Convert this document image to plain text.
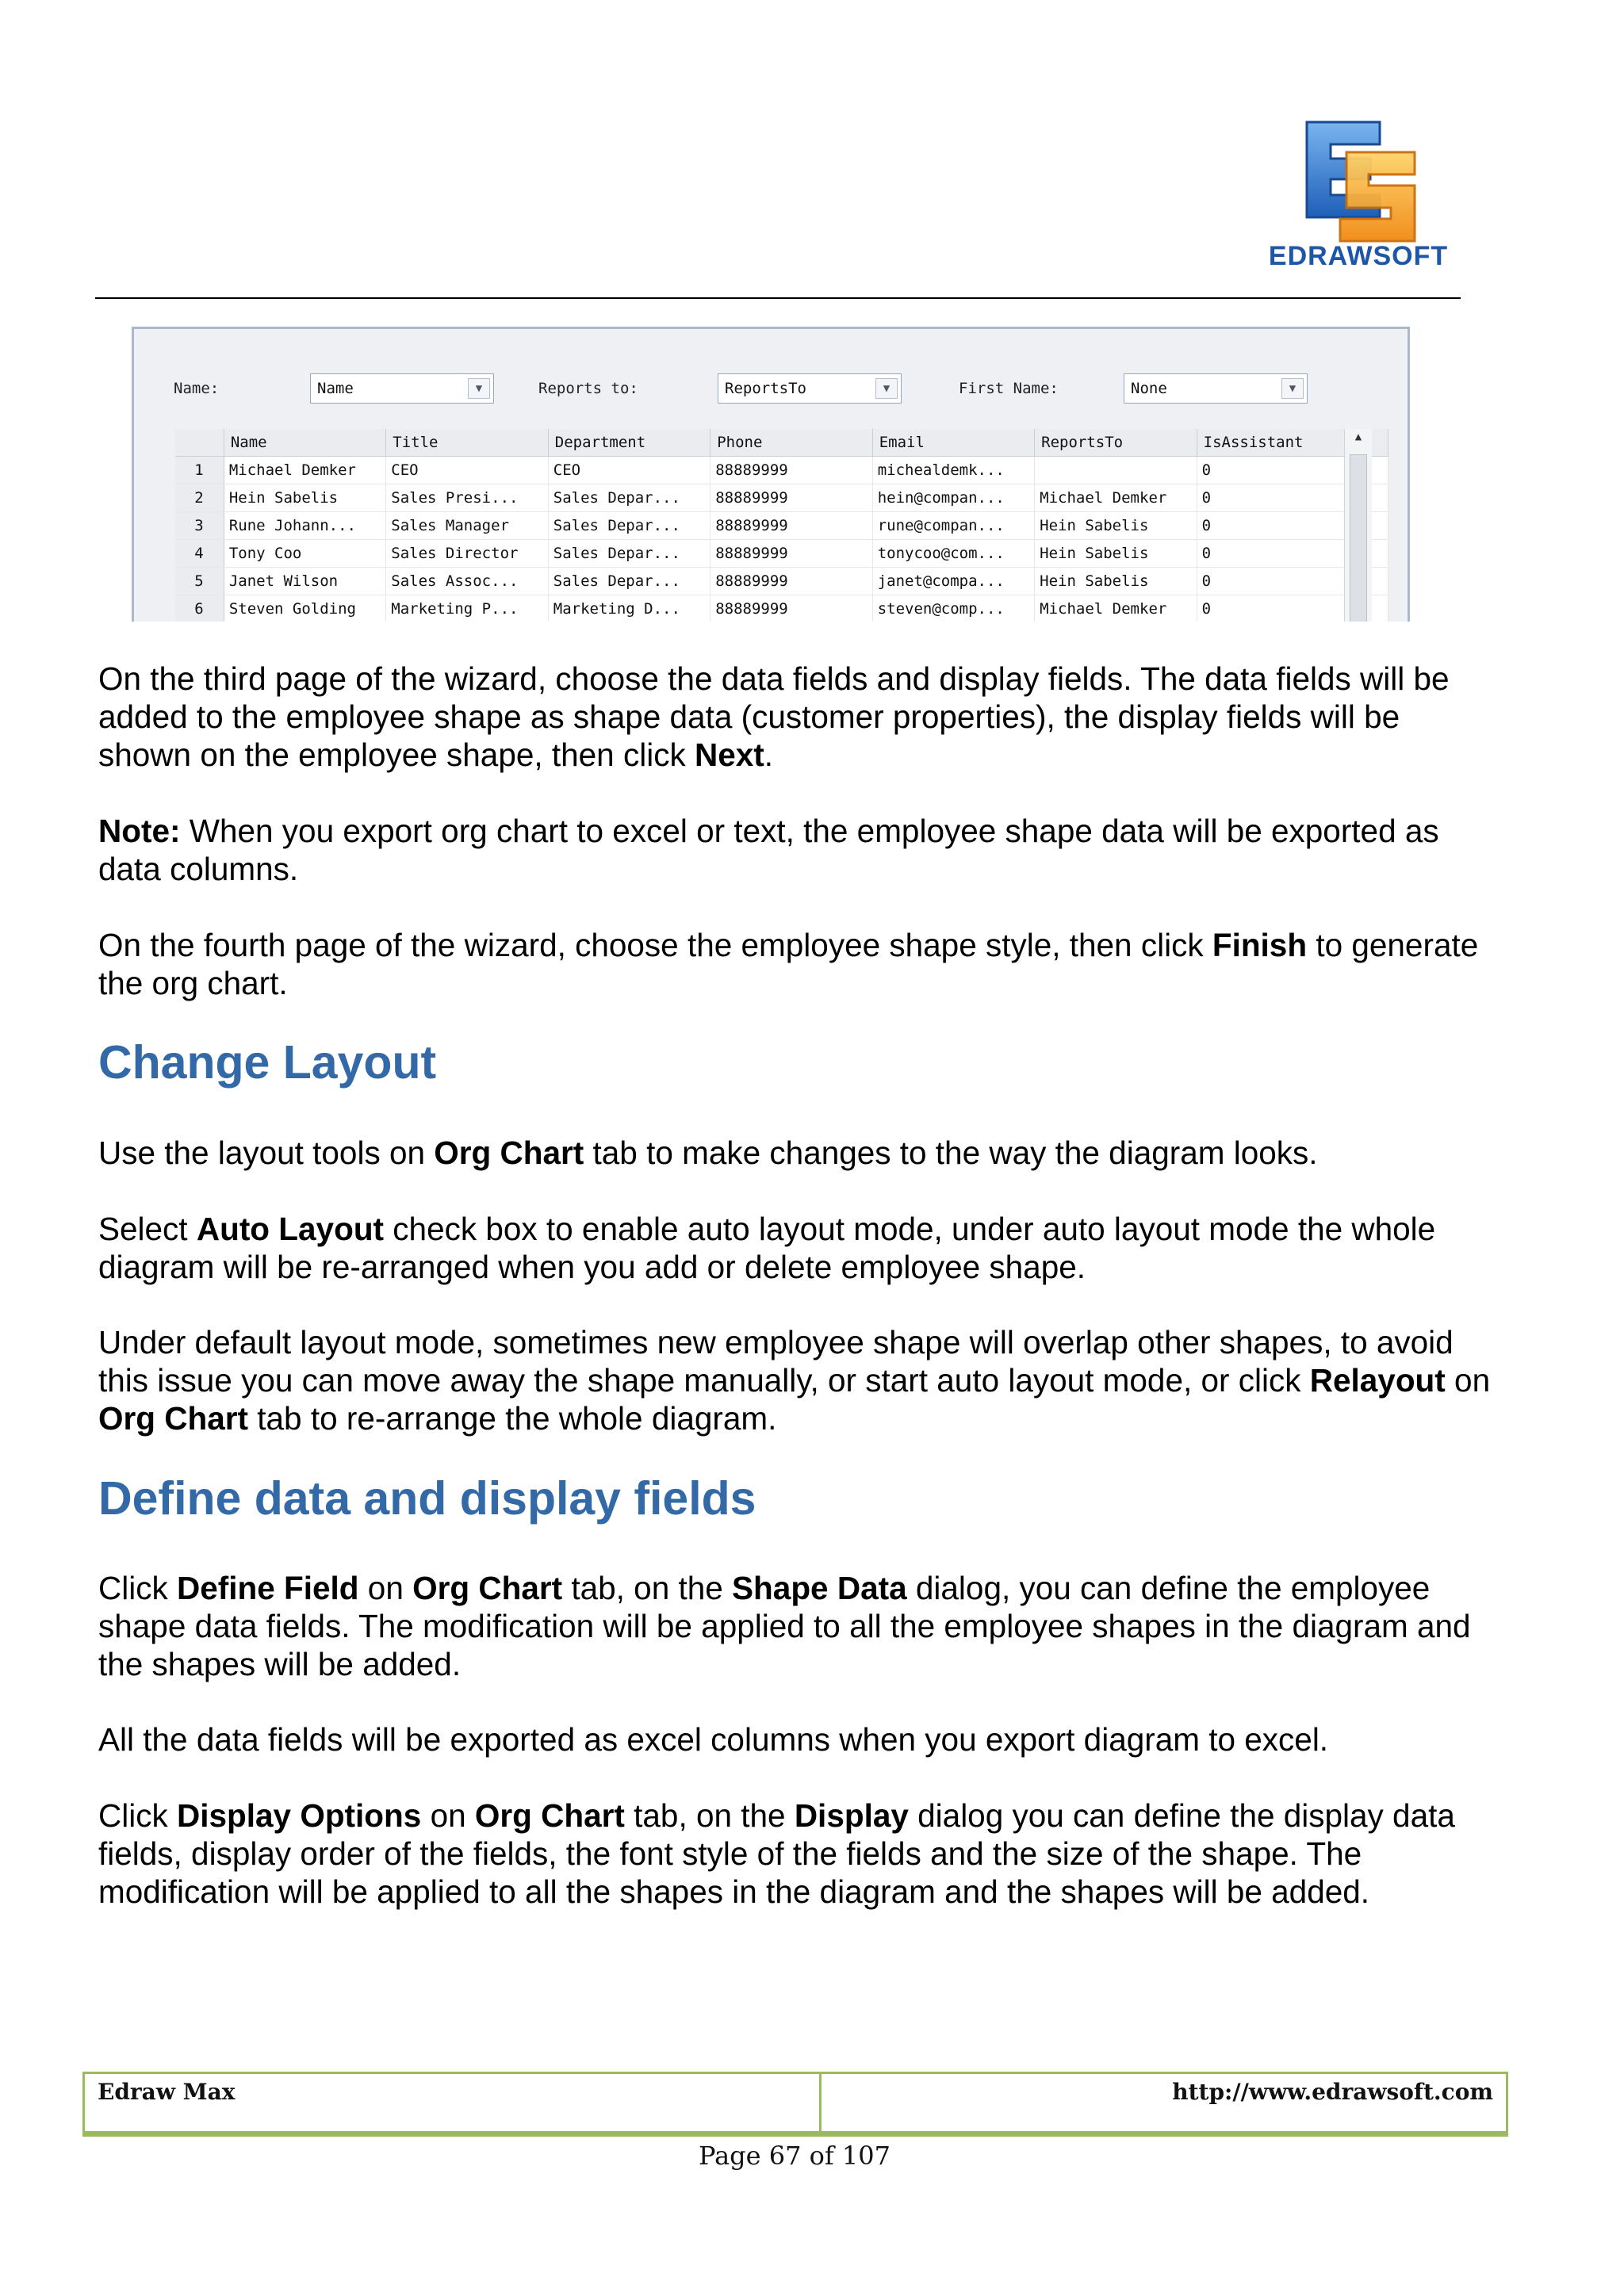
EDRAWSOFT
Name:	Name	▼	Reports to:	ReportsTo	▼	First Name:	None	▼
	Name	Title	Department	Phone	Email	ReportsTo	IsAssistant
1	Michael Demker	CEO	CEO	88889999	michealdemk...		0
2	Hein Sabelis	Sales Presi...	Sales Depar...	88889999	hein@compan...	Michael Demker	0
3	Rune Johann...	Sales Manager	Sales Depar...	88889999	rune@compan...	Hein Sabelis	0
4	Tony Coo	Sales Director	Sales Depar...	88889999	tonycoo@com...	Hein Sabelis	0
5	Janet Wilson	Sales Assoc...	Sales Depar...	88889999	janet@compa...	Hein Sabelis	0
6	Steven Golding	Marketing P...	Marketing D...	88889999	steven@comp...	Michael Demker	0
▲

On the third page of the wizard, choose the data fields and display fields. The data fields will be added to the employee shape as shape data (customer properties), the display fields will be shown on the employee shape, then click Next.

Note: When you export org chart to excel or text, the employee shape data will be exported as data columns.

On the fourth page of the wizard, choose the employee shape style, then click Finish to generate the org chart.

Change Layout

Use the layout tools on Org Chart tab to make changes to the way the diagram looks.

Select Auto Layout check box to enable auto layout mode, under auto layout mode the whole diagram will be re-arranged when you add or delete employee shape.

Under default layout mode, sometimes new employee shape will overlap other shapes, to avoid this issue you can move away the shape manually, or start auto layout mode, or click Relayout on Org Chart tab to re-arrange the whole diagram.

Define data and display fields

Click Define Field on Org Chart tab, on the Shape Data dialog, you can define the employee shape data fields. The modification will be applied to all the employee shapes in the diagram and the shapes will be added.

All the data fields will be exported as excel columns when you export diagram to excel.

Click Display Options on Org Chart tab, on the Display dialog you can define the display data fields, display order of the fields, the font style of the fields and the size of the shape. The modification will be applied to all the shapes in the diagram and the shapes will be added.

Edraw Max	http://www.edrawsoft.com
Page 67 of 107
